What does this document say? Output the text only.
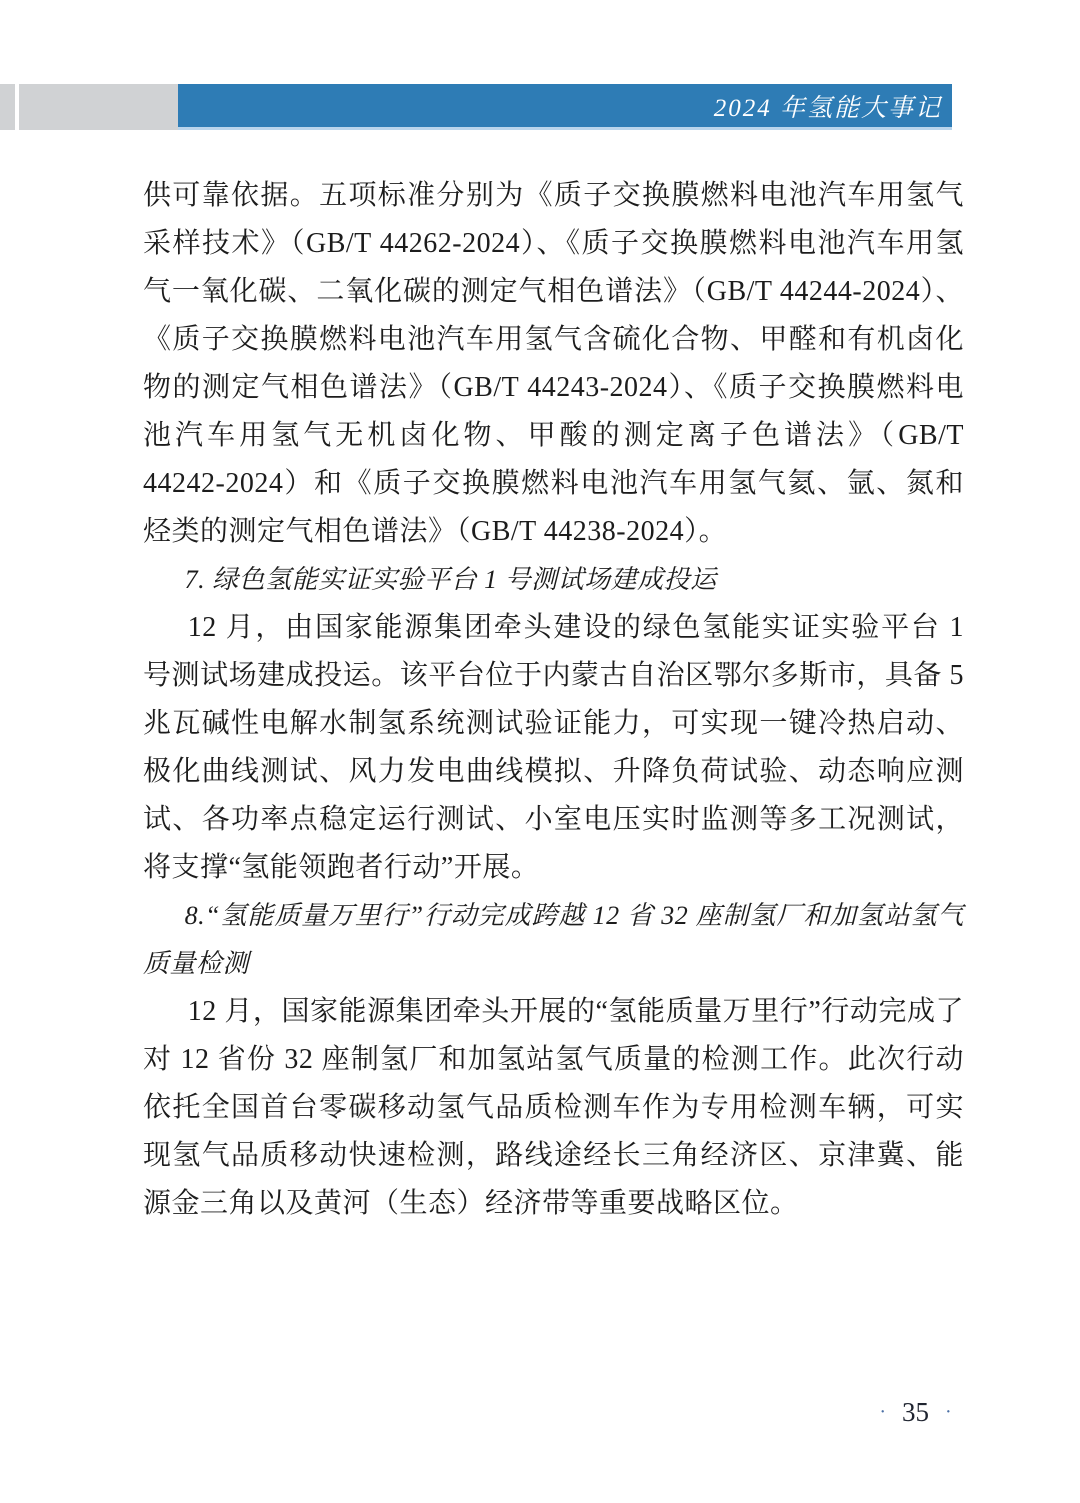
2024 年氢能大事记

供可靠依据。五项标准分别为《质子交换膜燃料电池汽车用氢气采样技术》（GB/T 44262-2024）、《质子交换膜燃料电池汽车用氢气一氧化碳、二氧化碳的测定气相色谱法》（GB/T 44244-2024）、《质子交换膜燃料电池汽车用氢气含硫化合物、甲醛和有机卤化物的测定气相色谱法》（GB/T 44243-2024）、《质子交换膜燃料电池汽车用氢气无机卤化物、甲酸的测定离子色谱法》（GB/T 44242-2024）和《质子交换膜燃料电池汽车用氢气氦、氩、氮和烃类的测定气相色谱法》（GB/T 44238-2024）。

7. 绿色氢能实证实验平台 1 号测试场建成投运

12 月，由国家能源集团牵头建设的绿色氢能实证实验平台 1 号测试场建成投运。该平台位于内蒙古自治区鄂尔多斯市，具备 5 兆瓦碱性电解水制氢系统测试验证能力，可实现一键冷热启动、极化曲线测试、风力发电曲线模拟、升降负荷试验、动态响应测试、各功率点稳定运行测试、小室电压实时监测等多工况测试，将支撑“氢能领跑者行动”开展。

8.“氢能质量万里行”行动完成跨越 12 省 32 座制氢厂和加氢站氢气质量检测

12 月，国家能源集团牵头开展的“氢能质量万里行”行动完成了对 12 省份 32 座制氢厂和加氢站氢气质量的检测工作。此次行动依托全国首台零碳移动氢气品质检测车作为专用检测车辆，可实现氢气品质移动快速检测，路线途经长三角经济区、京津冀、能源金三角以及黄河（生态）经济带等重要战略区位。

· 35 ·
